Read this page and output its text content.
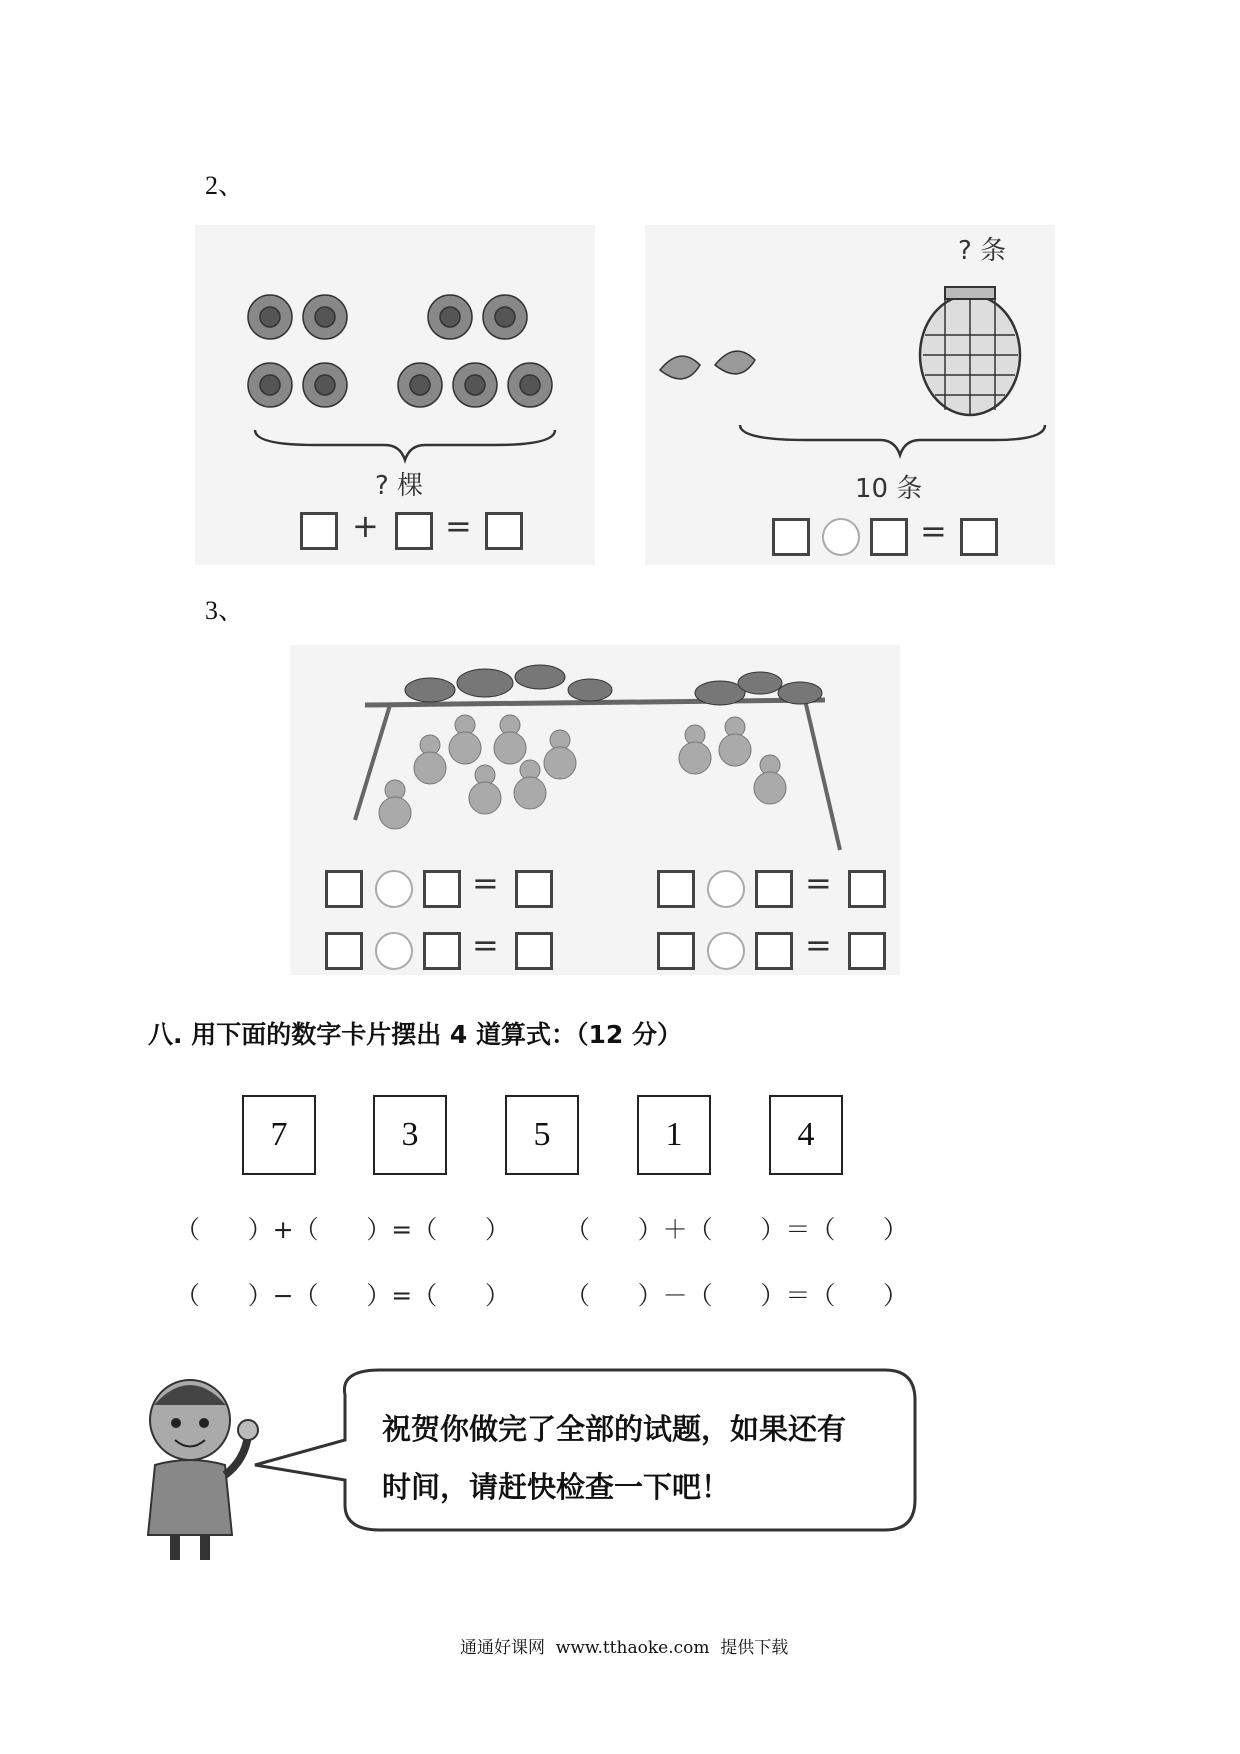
2、
? 棵
+ =
? 条
10 条
=
3、
=	=
=	=
八. 用下面的数字卡片摆出 4 道算式：（12 分）
7	3	5	1	4
（      ）+（      ）=（      ） （      ）＋（      ）＝（      ）
（      ）−（      ）=（      ） （      ）－（      ）＝（      ）
祝贺你做完了全部的试题，如果还有
时间，请赶快检查一下吧！
通通好课网  www.tthaoke.com  提供下载
